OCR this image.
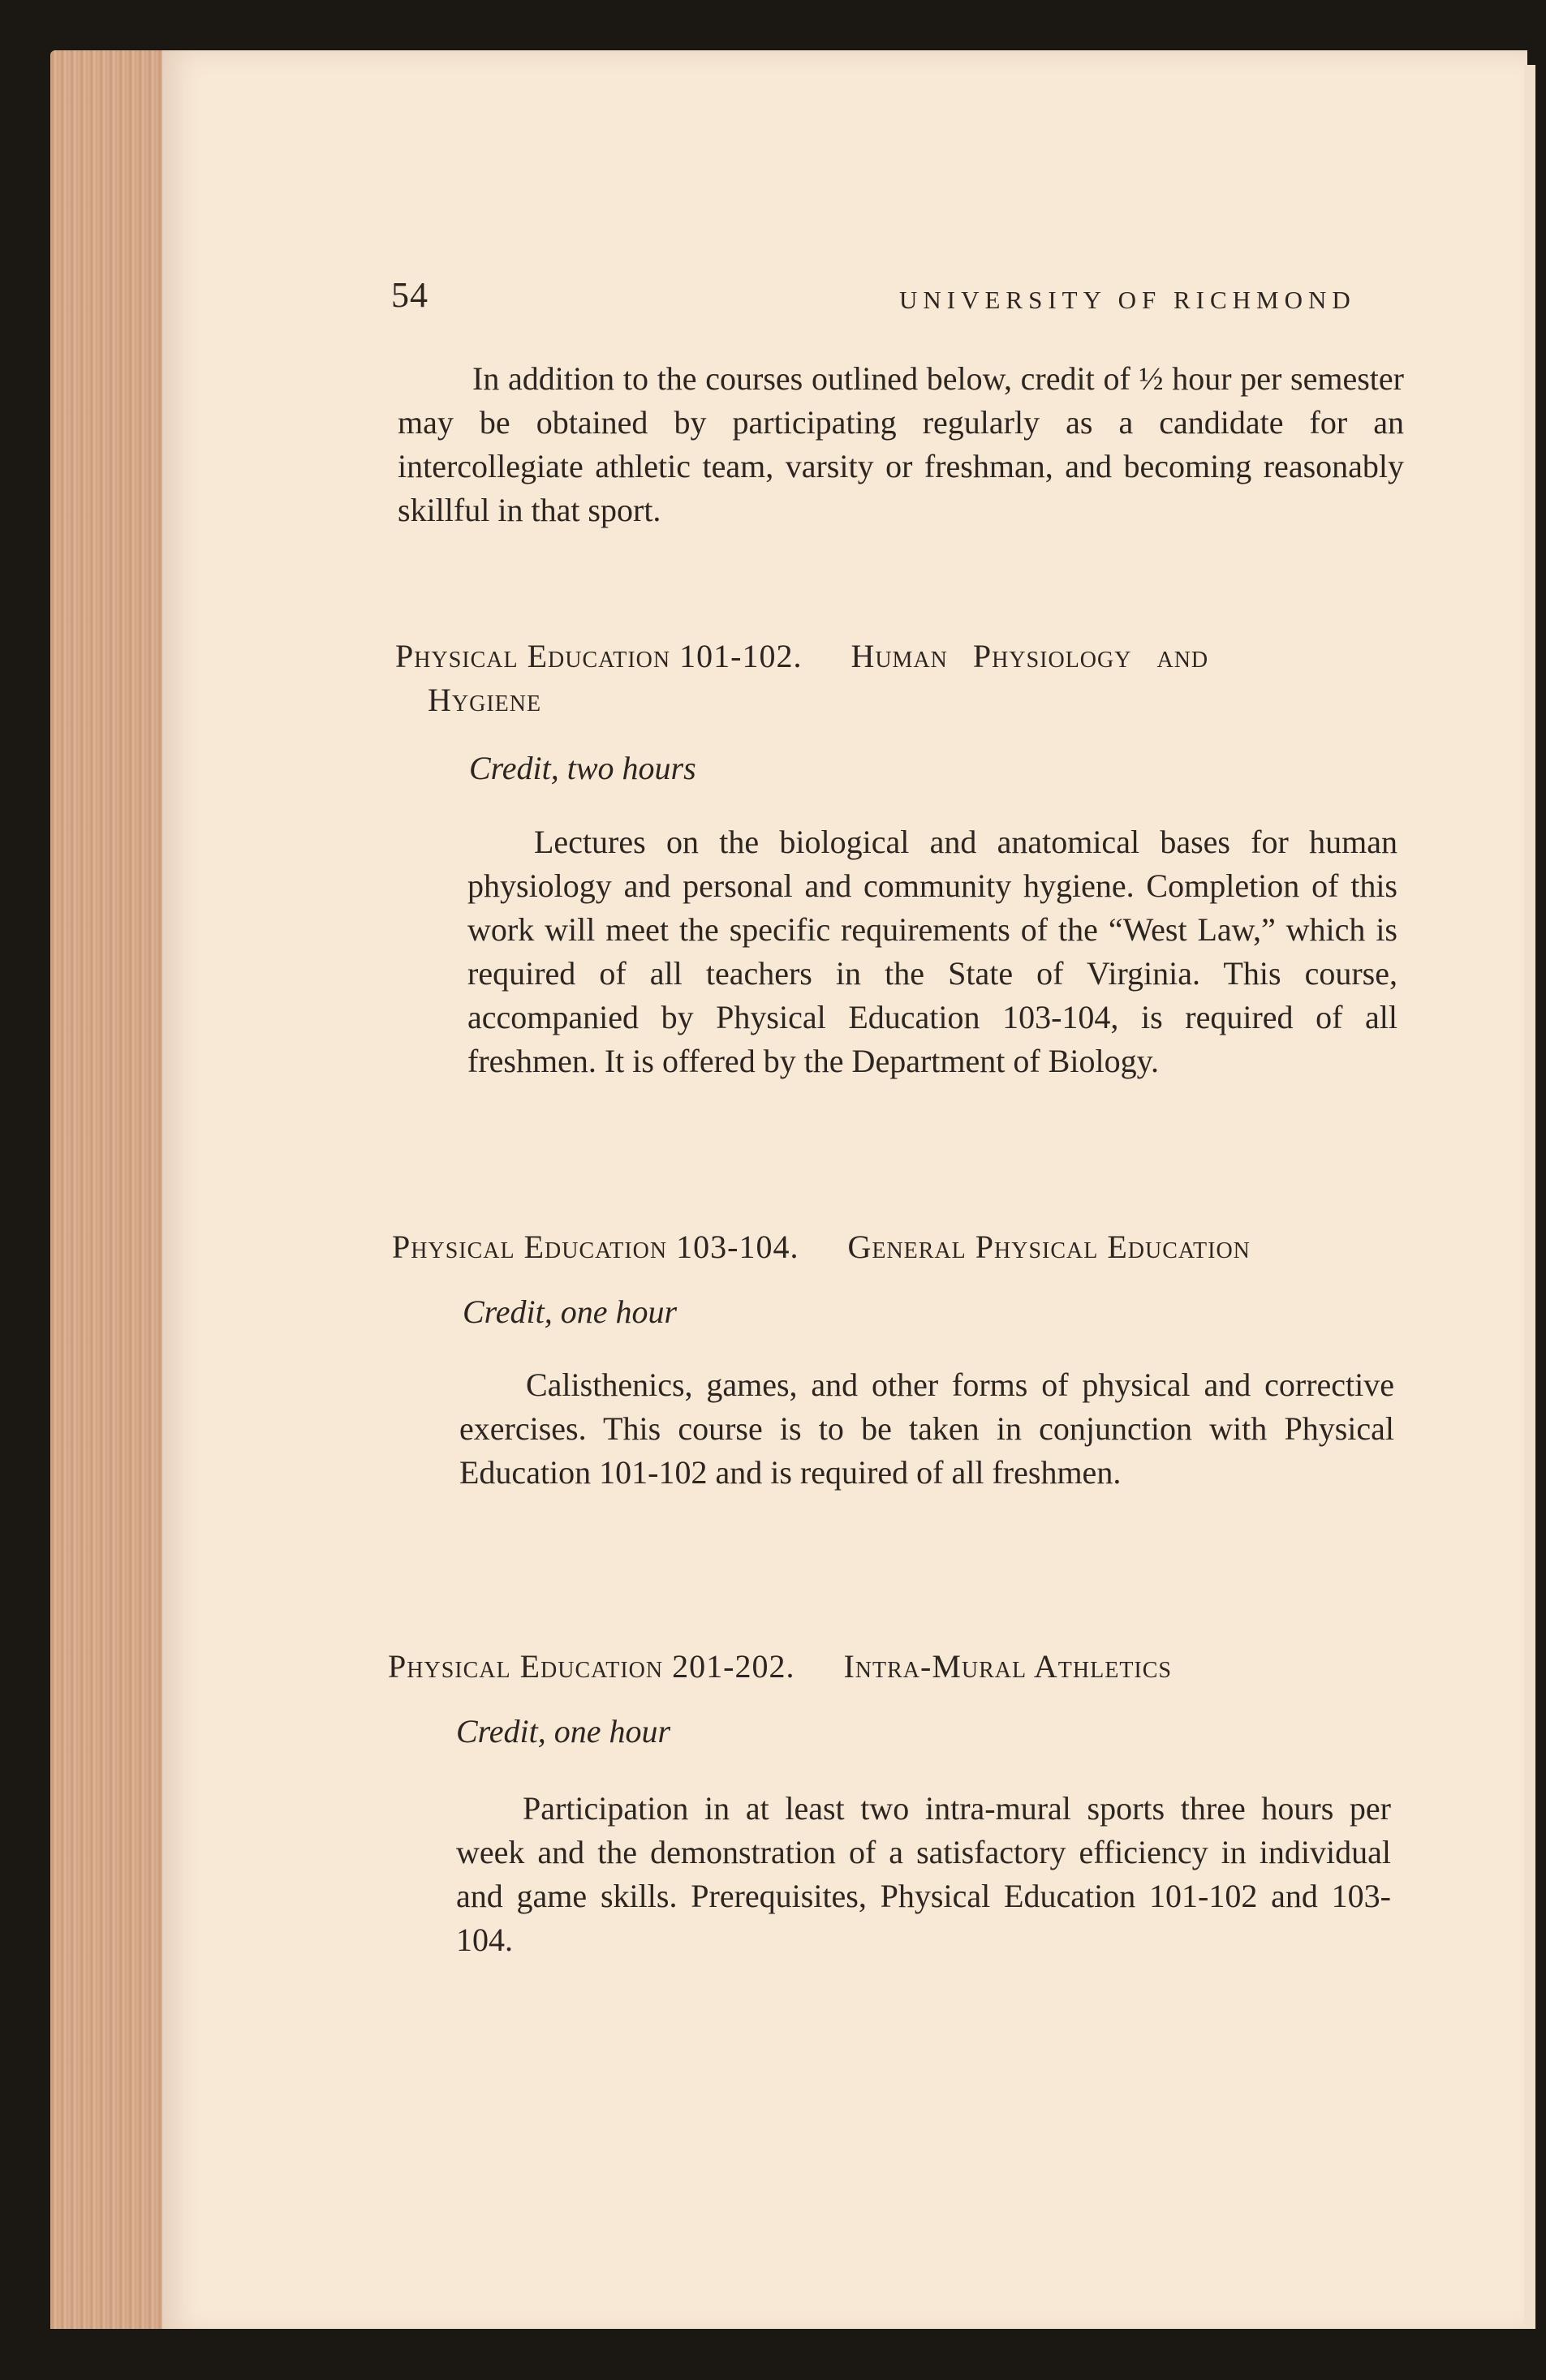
54	UNIVERSITY OF RICHMOND

In addition to the courses outlined below, credit of ½ hour per semester may be obtained by participating regularly as a candidate for an intercollegiate athletic team, varsity or freshman, and becoming reasonably skillful in that sport.

Physical Education 101-102. Human Physiology and
Hygiene
Credit, two hours

Lectures on the biological and anatomical bases for human physiology and personal and community hygiene. Completion of this work will meet the specific requirements of the “West Law,” which is required of all teachers in the State of Virginia. This course, accompanied by Physical Education 103-104, is required of all freshmen. It is offered by the Department of Biology.

Physical Education 103-104. General Physical Education
Credit, one hour

Calisthenics, games, and other forms of physical and corrective exercises. This course is to be taken in conjunction with Physical Education 101-102 and is required of all freshmen.

Physical Education 201-202. Intra-Mural Athletics
Credit, one hour

Participation in at least two intra-mural sports three hours per week and the demonstration of a satisfactory efficiency in individual and game skills. Prerequisites, Physical Education 101-102 and 103-104.
